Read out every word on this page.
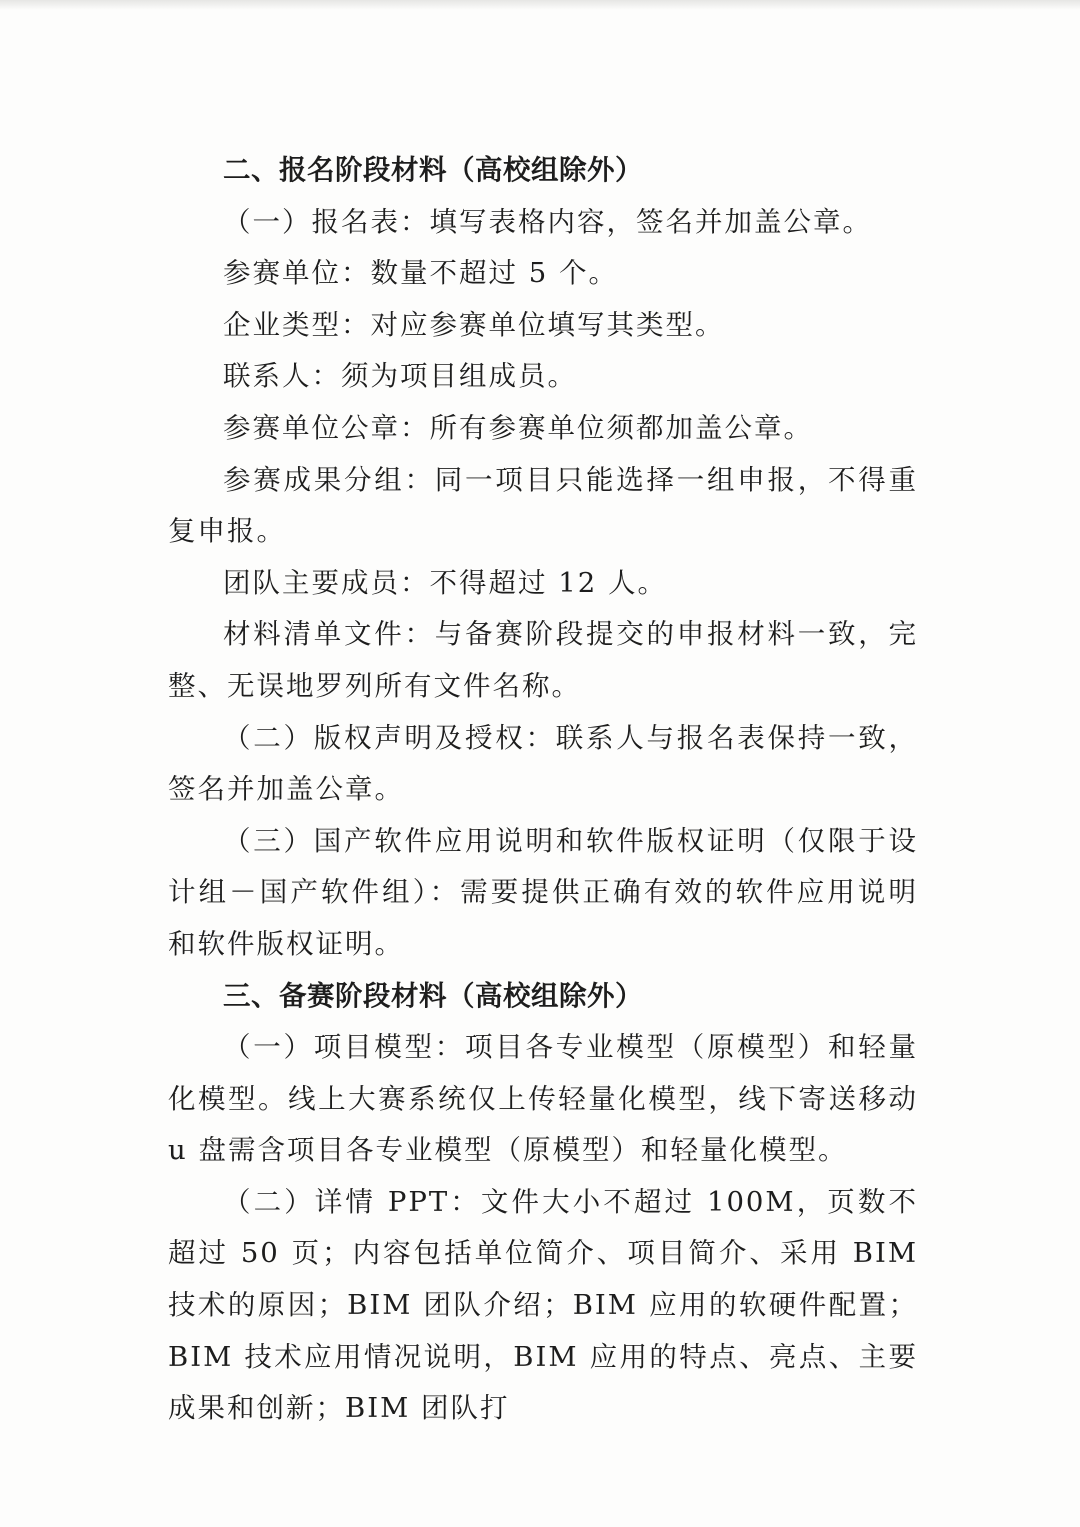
二、报名阶段材料（高校组除外）

（一）报名表：填写表格内容，签名并加盖公章。

参赛单位：数量不超过 5 个。

企业类型：对应参赛单位填写其类型。

联系人：须为项目组成员。

参赛单位公章：所有参赛单位须都加盖公章。

参赛成果分组：同一项目只能选择一组申报，不得重复申报。

团队主要成员：不得超过 12 人。

材料清单文件：与备赛阶段提交的申报材料一致，完整、无误地罗列所有文件名称。

（二）版权声明及授权：联系人与报名表保持一致，签名并加盖公章。

（三）国产软件应用说明和软件版权证明（仅限于设计组－国产软件组）：需要提供正确有效的软件应用说明和软件版权证明。

三、备赛阶段材料（高校组除外）

（一）项目模型：项目各专业模型（原模型）和轻量化模型。线上大赛系统仅上传轻量化模型，线下寄送移动 u 盘需含项目各专业模型（原模型）和轻量化模型。

（二）详情 PPT：文件大小不超过 100M，页数不超过 50 页；内容包括单位简介、项目简介、采用 BIM 技术的原因；BIM 团队介绍；BIM 应用的软硬件配置；BIM 技术应用情况说明，BIM 应用的特点、亮点、主要成果和创新；BIM 团队打
